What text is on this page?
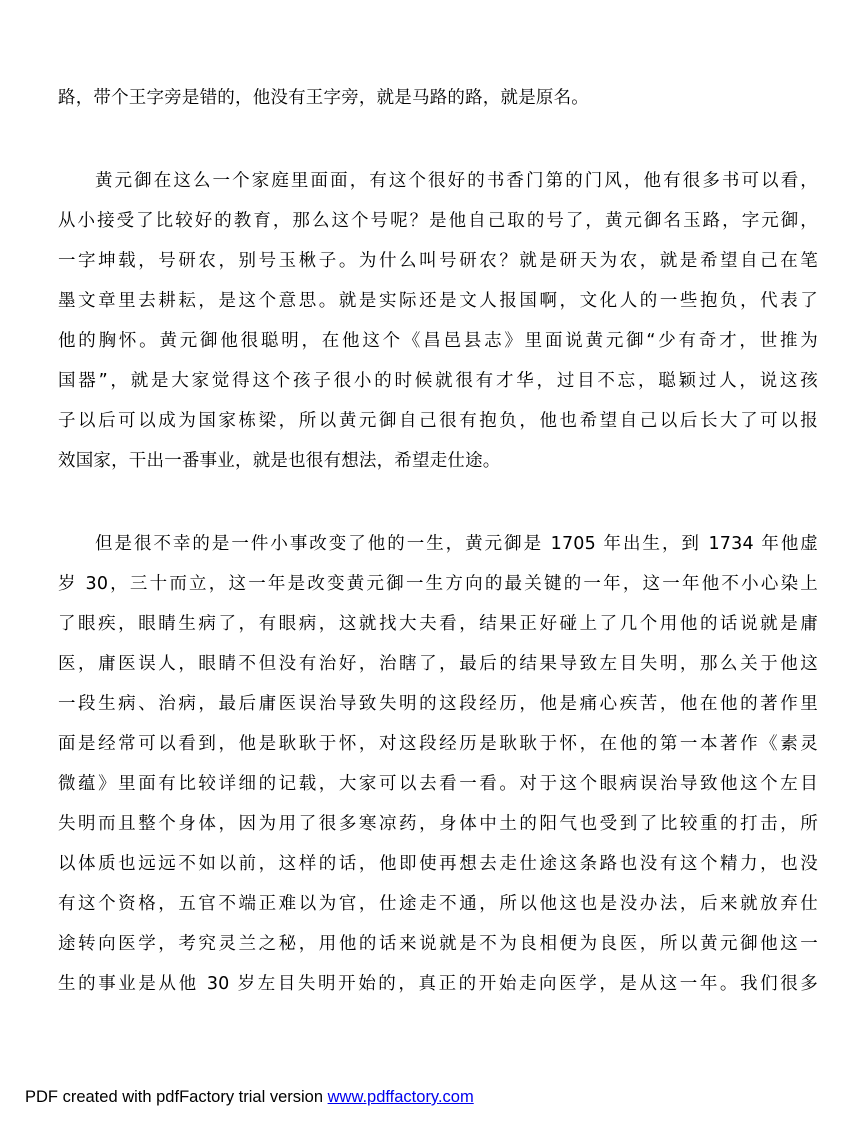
路，带个王字旁是错的，他没有王字旁，就是马路的路，就是原名。
黄元御在这么一个家庭里面面，有这个很好的书香门第的门风，他有很多书可以看，
从小接受了比较好的教育，那么这个号呢？是他自己取的号了，黄元御名玉路，字元御，
一字坤载，号研农，别号玉楸子。为什么叫号研农？就是研天为农，就是希望自己在笔
墨文章里去耕耘，是这个意思。就是实际还是文人报国啊，文化人的一些抱负，代表了
他的胸怀。黄元御他很聪明，在他这个《昌邑县志》里面说黄元御“少有奇才，世推为
国器”，就是大家觉得这个孩子很小的时候就很有才华，过目不忘，聪颖过人，说这孩
子以后可以成为国家栋梁，所以黄元御自己很有抱负，他也希望自己以后长大了可以报
效国家，干出一番事业，就是也很有想法，希望走仕途。
但是很不幸的是一件小事改变了他的一生，黄元御是 1705 年出生，到 1734 年他虚
岁 30，三十而立，这一年是改变黄元御一生方向的最关键的一年，这一年他不小心染上
了眼疾，眼睛生病了，有眼病，这就找大夫看，结果正好碰上了几个用他的话说就是庸
医，庸医误人，眼睛不但没有治好，治瞎了，最后的结果导致左目失明，那么关于他这
一段生病、治病，最后庸医误治导致失明的这段经历，他是痛心疾苦，他在他的著作里
面是经常可以看到，他是耿耿于怀，对这段经历是耿耿于怀，在他的第一本著作《素灵
微蕴》里面有比较详细的记载，大家可以去看一看。对于这个眼病误治导致他这个左目
失明而且整个身体，因为用了很多寒凉药，身体中土的阳气也受到了比较重的打击，所
以体质也远远不如以前，这样的话，他即使再想去走仕途这条路也没有这个精力，也没
有这个资格，五官不端正难以为官，仕途走不通，所以他这也是没办法，后来就放弃仕
途转向医学，考究灵兰之秘，用他的话来说就是不为良相便为良医，所以黄元御他这一
生的事业是从他 30 岁左目失明开始的，真正的开始走向医学，是从这一年。我们很多
PDF created with pdfFactory trial version www.pdffactory.com
